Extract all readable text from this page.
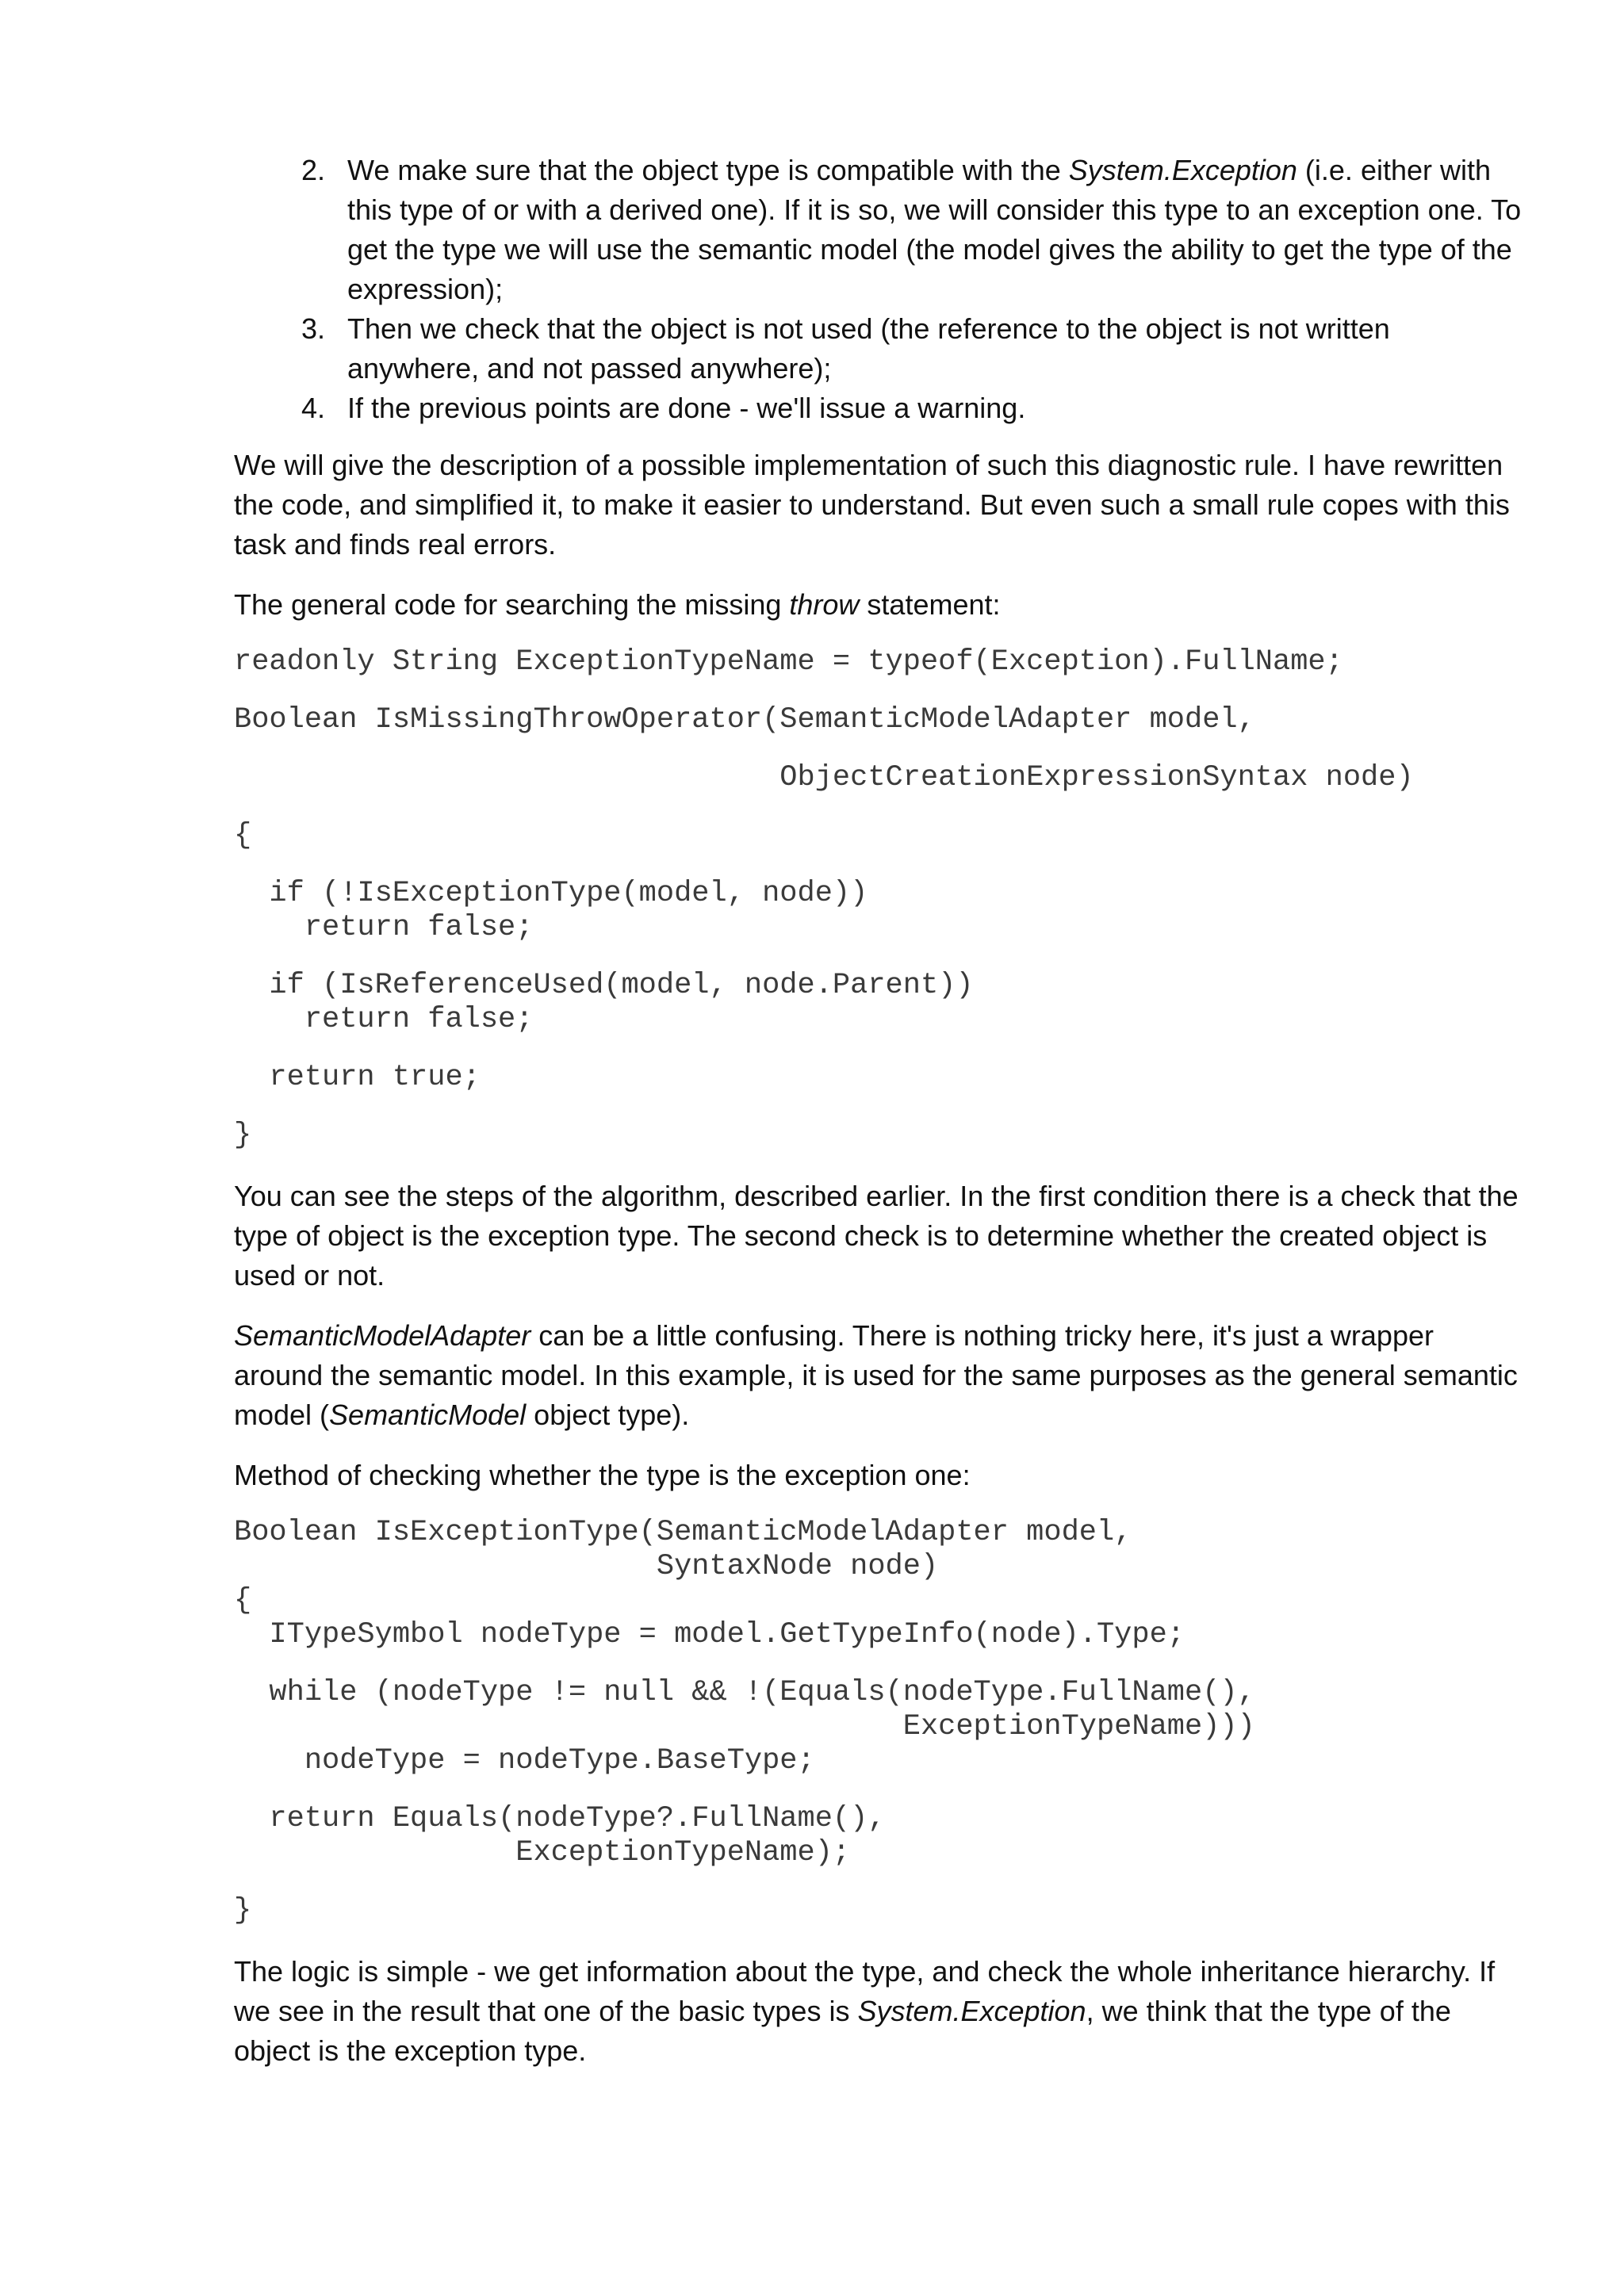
2. We make sure that the object type is compatible with the System.Exception (i.e. either with this type of or with a derived one). If it is so, we will consider this type to an exception one. To get the type we will use the semantic model (the model gives the ability to get the type of the expression);
3. Then we check that the object is not used (the reference to the object is not written anywhere, and not passed anywhere);
4. If the previous points are done - we'll issue a warning.

We will give the description of a possible implementation of such this diagnostic rule. I have rewritten the code, and simplified it, to make it easier to understand. But even such a small rule copes with this task and finds real errors.

The general code for searching the missing throw statement:

readonly String ExceptionTypeName = typeof(Exception).FullName;
Boolean IsMissingThrowOperator(SemanticModelAdapter model,
ObjectCreationExpressionSyntax node)
{
if (!IsExceptionType(model, node))
return false;
if (IsReferenceUsed(model, node.Parent))
return false;
return true;
}

You can see the steps of the algorithm, described earlier. In the first condition there is a check that the type of object is the exception type. The second check is to determine whether the created object is used or not.

SemanticModelAdapter can be a little confusing. There is nothing tricky here, it's just a wrapper around the semantic model. In this example, it is used for the same purposes as the general semantic model (SemanticModel object type).

Method of checking whether the type is the exception one:

Boolean IsExceptionType(SemanticModelAdapter model,
SyntaxNode node)
{
ITypeSymbol nodeType = model.GetTypeInfo(node).Type;
while (nodeType != null && !(Equals(nodeType.FullName(),
ExceptionTypeName)))
nodeType = nodeType.BaseType;
return Equals(nodeType?.FullName(),
ExceptionTypeName);
}

The logic is simple - we get information about the type, and check the whole inheritance hierarchy. If we see in the result that one of the basic types is System.Exception, we think that the type of the object is the exception type.
